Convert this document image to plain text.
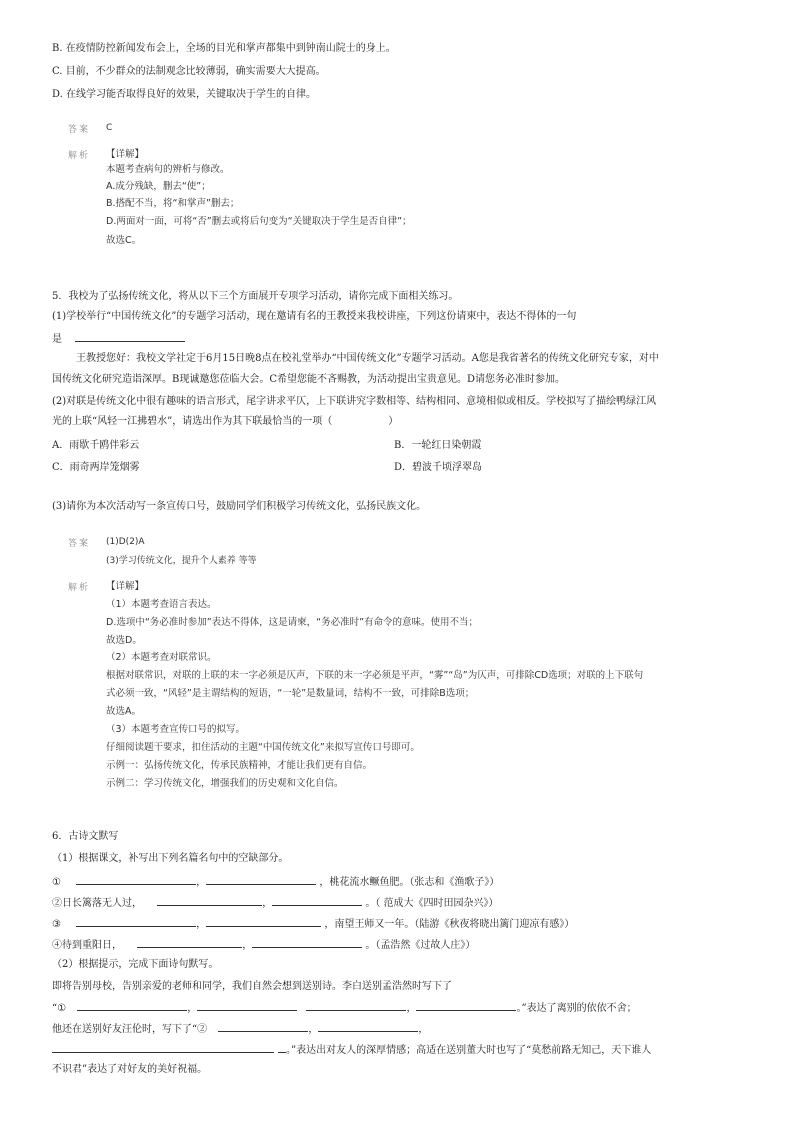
B. 在疫情防控新闻发布会上，全场的目光和掌声都集中到钟南山院士的身上。
C. 目前，不少群众的法制观念比较薄弱，确实需要大大提高。
D. 在线学习能否取得良好的效果，关键取决于学生的自律。
答案 C
解析 【详解】
本题考查病句的辨析与修改。
A.成分残缺，删去“使”；
B.搭配不当，将“和掌声”删去；
D.两面对一面，可将“否”删去或将后句变为“关键取决于学生是否自律”；
故选C。
5．我校为了弘扬传统文化，将从以下三个方面展开专项学习活动，请你完成下面相关练习。
(1)学校举行“中国传统文化”的专题学习活动，现在邀请有名的王教授来我校讲座，下列这份请柬中，表达不得体的一句
是
王教授您好：我校文学社定于6月15日晚8点在校礼堂举办“中国传统文化”专题学习活动。A您是我省著名的传统文化研究专家，对中
国传统文化研究造诣深厚。B现诚邀您莅临大会。C希望您能不吝赐教，为活动提出宝贵意见。D请您务必准时参加。
(2)对联是传统文化中很有趣味的语言形式，尾字讲求平仄，上下联讲究字数相等、结构相同、意境相似或相反。学校拟写了描绘鸭绿江风
光的上联“风轻一江拂碧水”，请选出作为其下联最恰当的一项（	）
A．雨歇千鸥伴彩云	B．一轮红日染朝霞
C．雨奇两岸笼烟雾	D．碧波千顷浮翠岛
(3)请你为本次活动写一条宣传口号，鼓励同学们积极学习传统文化，弘扬民族文化。
答案 (1)D(2)A
(3)学习传统文化，提升个人素养 等等
解析 【详解】
（1）本题考查语言表达。
D.选项中“务必准时参加”表达不得体，这是请柬，“务必准时”有命令的意味。使用不当；
故选D。
（2）本题考查对联常识。
根据对联常识，对联的上联的末一字必须是仄声，下联的末一字必须是平声，“雾”“岛”为仄声，可排除CD选项；对联的上下联句
式必须一致，“风轻”是主谓结构的短语，“一轮”是数量词，结构不一致，可排除B选项；
故选A。
（3）本题考查宣传口号的拟写。
仔细阅读题干要求，扣住活动的主题“中国传统文化”来拟写宣传口号即可。
示例一：弘扬传统文化，传承民族精神，才能让我们更有自信。
示例二：学习传统文化，增强我们的历史观和文化自信。
6．古诗文默写
（1）根据课文，补写出下列名篇名句中的空缺部分。
①	，	，桃花流水鳜鱼肥。（张志和《渔歌子》）
②日长篱落无人过，	，	。（ 范成大《四时田园杂兴》）
③	，	，南望王师又一年。（陆游《秋夜将晓出篱门迎凉有感》）
④待到重阳日，	，	。（孟浩然《过故人庄》）
（2）根据提示，完成下面诗句默写。
即将告别母校，告别亲爱的老师和同学，我们自然会想到送别诗。李白送别孟浩然时写下了
“①	，	，	。”表达了离别的依依不舍；
他还在送别好友汪伦时，写下了“②	，	，
。”表达出对友人的深厚情感；高适在送别董大时也写了“莫愁前路无知己，天下谁人
不识君”表达了对好友的美好祝福。
